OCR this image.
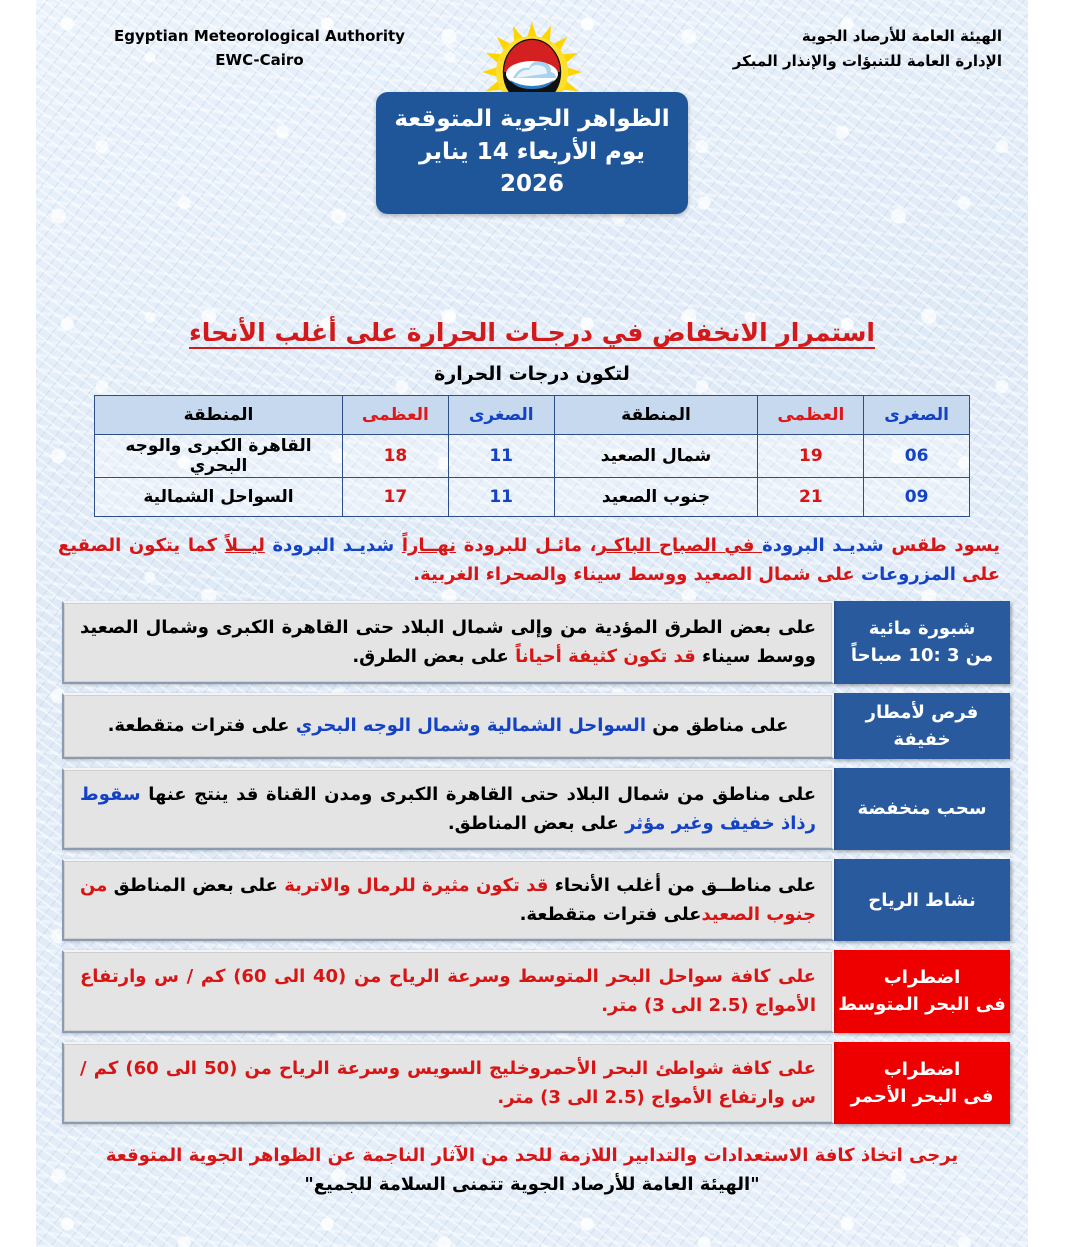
الهيئة العامة للأرصاد الجوية
الإدارة العامة للتنبؤات والإنذار المبكر
Egyptian Meteorological Authority
EWC-Cairo
الظواهر الجوية المتوقعة
يوم الأربعاء 14 يناير 2026
استمرار الانخفاض في درجـات الحرارة على أغلب الأنحاء
لتكون درجات الحرارة
الصغرى	العظمى	المنطقة	الصغرى	العظمى	المنطقة
06	19	شمال الصعيد	11	18	القاهرة الكبرى والوجه البحري
09	21	جنوب الصعيد	11	17	السواحل الشمالية
يسود طقس شديـد البرودة في الصباح الباكـر، مائـل للبرودة نهــاراً شديـد البرودة ليــلاً كما يتكون الصقيع على المزروعات على شمال الصعيد ووسط سيناء والصحراء الغربية.
شبورة مائية
من 3 :10 صباحاً
على بعض الطرق المؤدية من وإلى شمال البلاد حتى القاهرة الكبرى وشمال الصعيد ووسط سيناء قد تكون كثيفة أحياناً على بعض الطرق.
فرص لأمطار
خفيفة
على مناطق من السواحل الشمالية وشمال الوجه البحري على فترات متقطعة.
سحب منخفضة
على مناطق من شمال البلاد حتى القاهرة الكبرى ومدن القناة قد ينتج عنها سقوط رذاذ خفيف وغير مؤثر على بعض المناطق.
نشاط الرياح
على مناطــق من أغلب الأنحاء قد تكون مثيرة للرمال والاتربة على بعض المناطق من جنوب الصعيدعلى فترات متقطعة.
اضطراب
فى البحر المتوسط
على كافة سواحل البحر المتوسط وسرعة الرياح من (40 الى 60) كم / س وارتفاع الأمواج (2.5 الى 3) متر.
اضطراب
فى البحر الأحمر
على كافة شواطئ البحر الأحمروخليج السويس وسرعة الرياح من (50 الى 60) كم / س وارتفاع الأمواج (2.5 الى 3) متر.
يرجى اتخاذ كافة الاستعدادات والتدابير اللازمة للحد من الآثار الناجمة عن الظواهر الجوية المتوقعة
"الهيئة العامة للأرصاد الجوية تتمنى السلامة للجميع"
